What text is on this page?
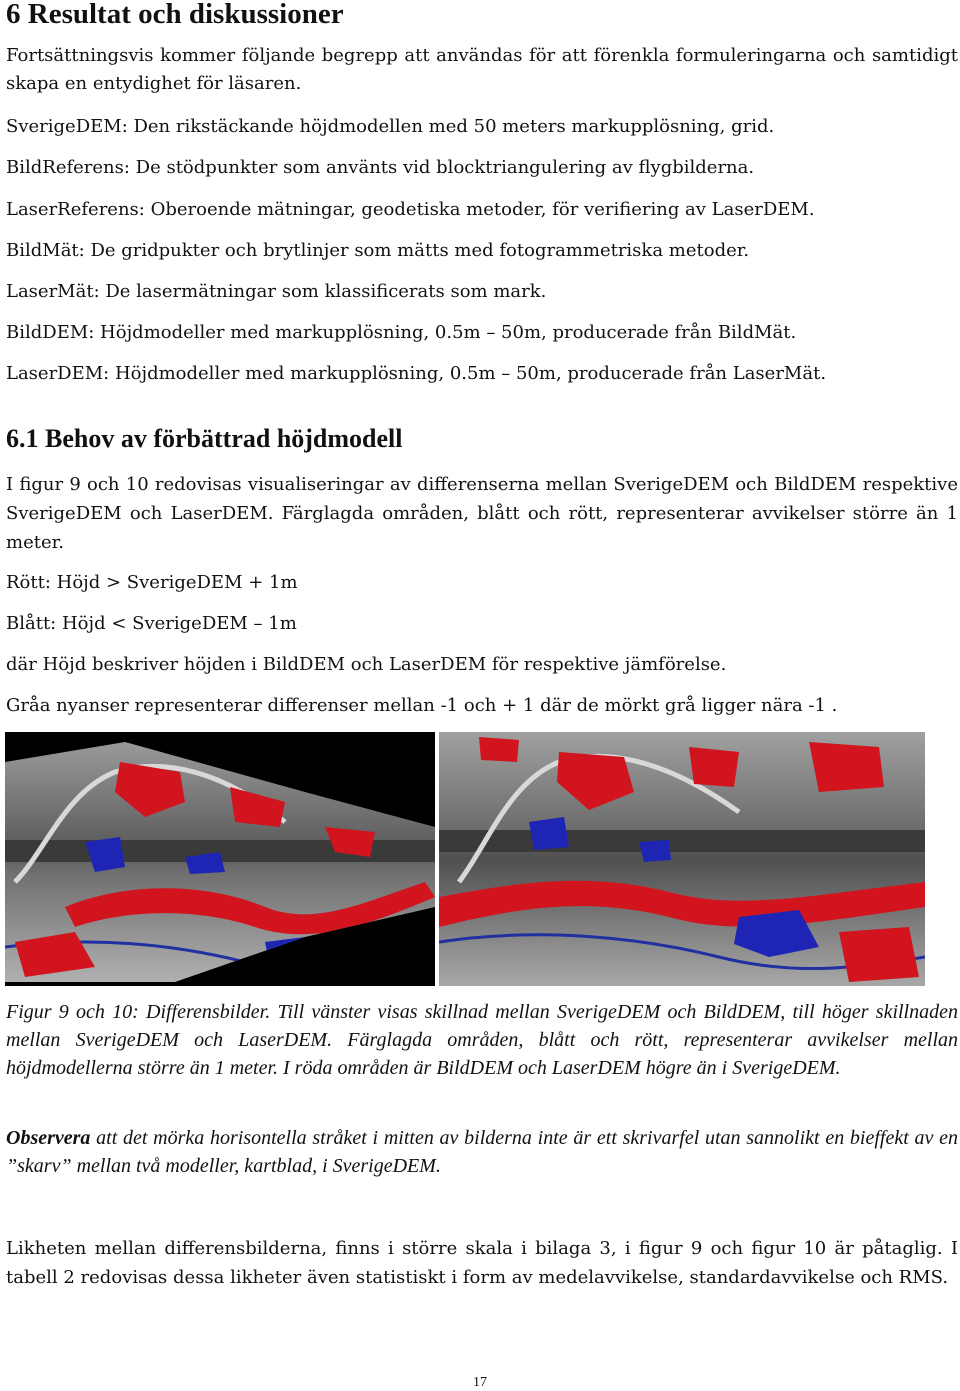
6 Resultat och diskussioner

Fortsättningsvis kommer följande begrepp att användas för att förenkla formuleringarna och samtidigt skapa en entydighet för läsaren.

SverigeDEM: Den rikstäckande höjdmodellen med 50 meters markupplösning, grid.

BildReferens: De stödpunkter som använts vid blocktriangulering av flygbilderna.

LaserReferens: Oberoende mätningar, geodetiska metoder, för verifiering av LaserDEM.

BildMät: De gridpukter och brytlinjer som mätts med fotogrammetriska metoder.

LaserMät: De lasermätningar som klassificerats som mark.

BildDEM: Höjdmodeller med markupplösning, 0.5m – 50m, producerade från BildMät.

LaserDEM: Höjdmodeller med markupplösning, 0.5m – 50m, producerade från LaserMät.

6.1 Behov av förbättrad höjdmodell

I figur 9 och 10 redovisas visualiseringar av differenserna mellan SverigeDEM och BildDEM respektive SverigeDEM och LaserDEM. Färglagda områden, blått och rött, representerar avvikelser större än 1 meter.

Rött: Höjd > SverigeDEM + 1m

Blått: Höjd < SverigeDEM – 1m

där Höjd beskriver höjden i BildDEM och LaserDEM för respektive jämförelse.

Gråa nyanser representerar differenser mellan -1 och + 1 där de mörkt grå ligger nära -1 .

Figur 9 och 10: Differensbilder. Till vänster visas skillnad mellan SverigeDEM och BildDEM, till höger skillnaden mellan SverigeDEM och LaserDEM. Färglagda områden, blått och rött, representerar avvikelser mellan höjdmodellerna större än 1 meter. I röda områden är BildDEM och LaserDEM högre än i SverigeDEM.

Observera att det mörka horisontella stråket i mitten av bilderna inte är ett skrivarfel utan sannolikt en bieffekt av en ”skarv” mellan två modeller, kartblad, i SverigeDEM.

Likheten mellan differensbilderna, finns i större skala i bilaga 3, i figur 9 och figur 10 är påtaglig. I tabell 2 redovisas dessa likheter även statistiskt i form av medelavvikelse, standardavvikelse och RMS.

17
